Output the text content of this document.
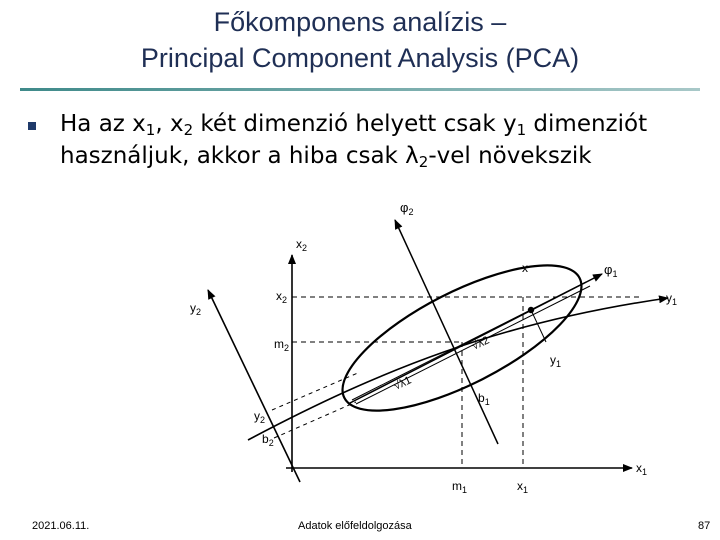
Főkomponens analízis –
Principal Component Analysis (PCA)
Ha az $x_1$, $x_2$ két dimenzió helyett csak $y_1$ dimenziót használjuk, akkor a hiba csak $\lambda_2$-vel növekszik
$\varphi_2$
$\varphi_1$
$x_2$
$x_1$
$y_2$
$y_1$
x
$x_2$
$m_2$
$y_2$
$b_2$
$m_1$	$x_1$
$b_1$
$y_1$
√λ2
√λ1
2021.06.11.	Adatok előfeldolgozása	87
